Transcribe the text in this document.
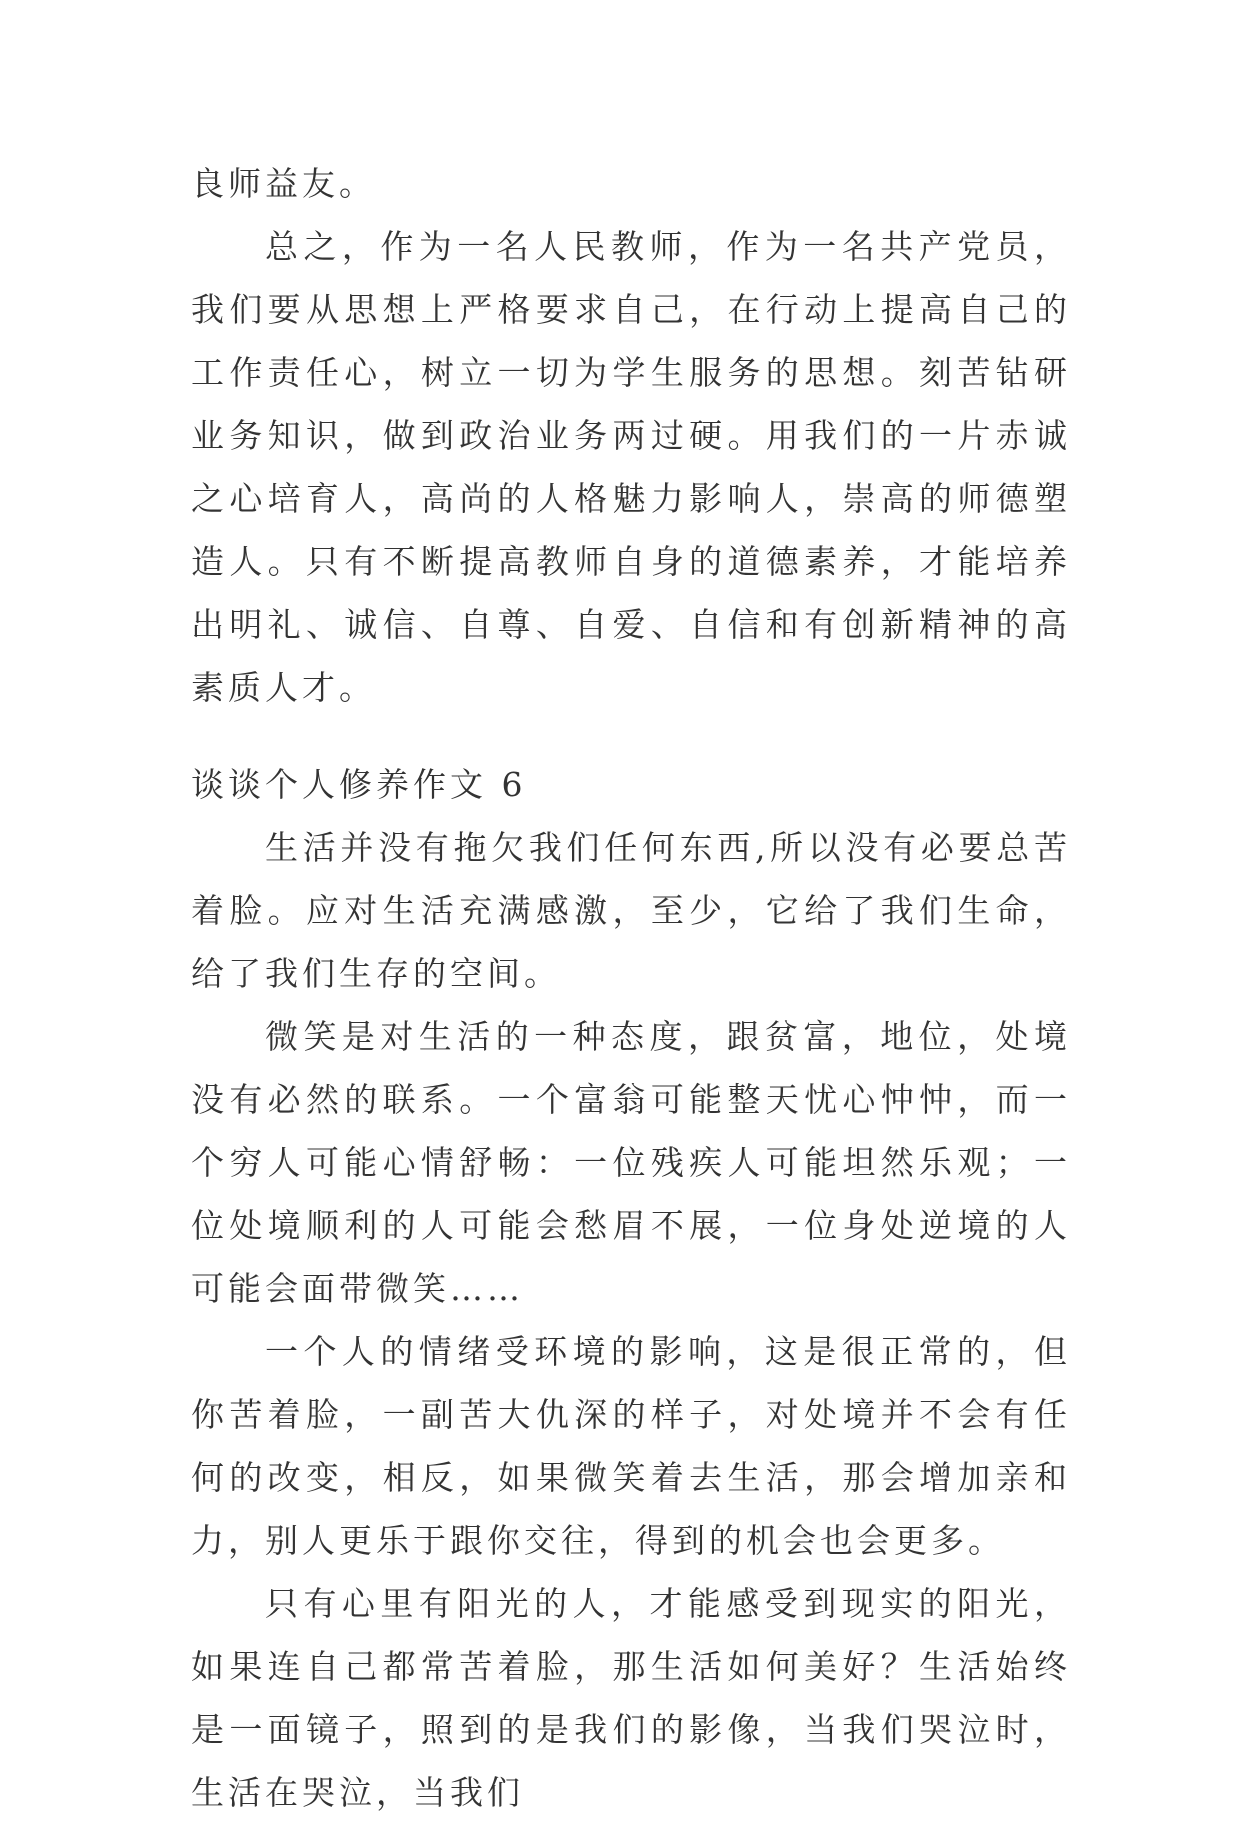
良师益友。

总之，作为一名人民教师，作为一名共产党员，我们要从思想上严格要求自己，在行动上提高自己的工作责任心，树立一切为学生服务的思想。刻苦钻研业务知识，做到政治业务两过硬。用我们的一片赤诚之心培育人，高尚的人格魅力影响人，崇高的师德塑造人。只有不断提高教师自身的道德素养，才能培养出明礼、诚信、自尊、自爱、自信和有创新精神的高素质人才。

谈谈个人修养作文 6

生活并没有拖欠我们任何东西,所以没有必要总苦着脸。应对生活充满感激，至少，它给了我们生命，给了我们生存的空间。

微笑是对生活的一种态度，跟贫富，地位，处境没有必然的联系。一个富翁可能整天忧心忡忡，而一个穷人可能心情舒畅：一位残疾人可能坦然乐观；一位处境顺利的人可能会愁眉不展，一位身处逆境的人可能会面带微笑……

一个人的情绪受环境的影响，这是很正常的，但你苦着脸，一副苦大仇深的样子，对处境并不会有任何的改变，相反，如果微笑着去生活，那会增加亲和力，别人更乐于跟你交往，得到的机会也会更多。

只有心里有阳光的人，才能感受到现实的阳光，如果连自己都常苦着脸，那生活如何美好？生活始终是一面镜子，照到的是我们的影像，当我们哭泣时，生活在哭泣，当我们
